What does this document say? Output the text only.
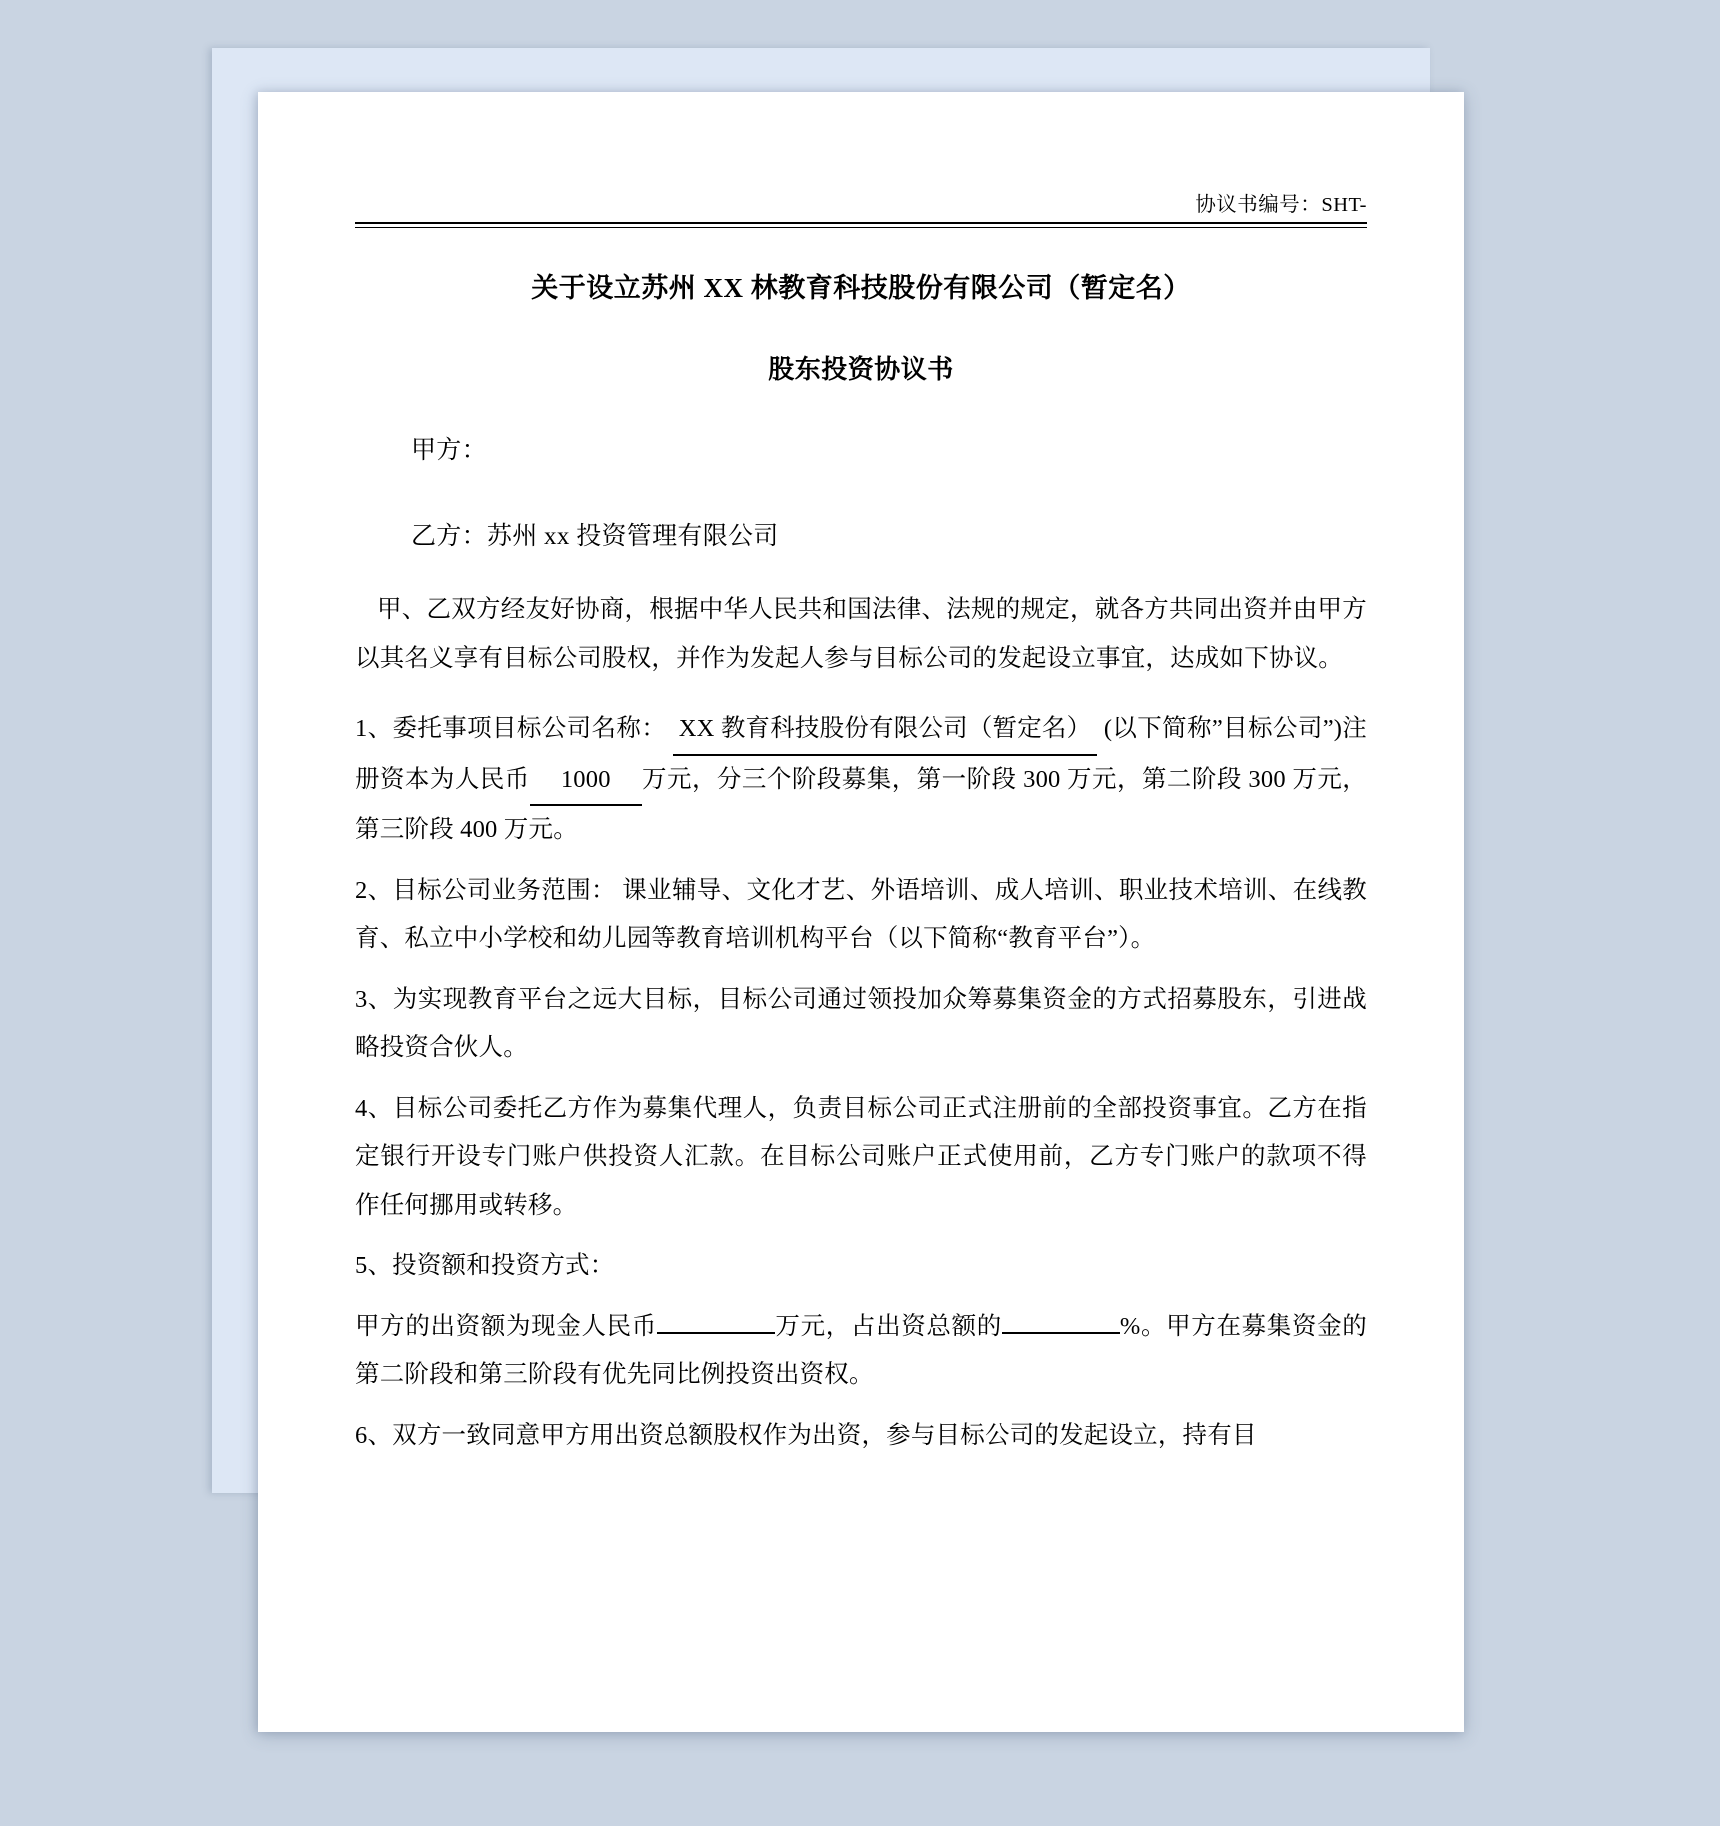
协议书编号：SHT-
关于设立苏州 XX 林教育科技股份有限公司（暂定名）
股东投资协议书
甲方：
乙方：苏州 xx 投资管理有限公司
甲、乙双方经友好协商，根据中华人民共和国法律、法规的规定，就各方共同出资并由甲方以其名义享有目标公司股权，并作为发起人参与目标公司的发起设立事宜，达成如下协议。
1、委托事项目标公司名称： XX 教育科技股份有限公司（暂定名） (以下简称”目标公司”)注册资本为人民币 1000 万元，分三个阶段募集，第一阶段 300 万元，第二阶段 300 万元，第三阶段 400 万元。
2、目标公司业务范围： 课业辅导、文化才艺、外语培训、成人培训、职业技术培训、在线教育、私立中小学校和幼儿园等教育培训机构平台（以下简称“教育平台”）。
3、为实现教育平台之远大目标，目标公司通过领投加众筹募集资金的方式招募股东，引进战略投资合伙人。
4、目标公司委托乙方作为募集代理人，负责目标公司正式注册前的全部投资事宜。乙方在指定银行开设专门账户供投资人汇款。在目标公司账户正式使用前，乙方专门账户的款项不得作任何挪用或转移。
5、投资额和投资方式：
甲方的出资额为现金人民币	万元，占出资总额的	%。甲方在募集资金的第二阶段和第三阶段有优先同比例投资出资权。
6、双方一致同意甲方用出资总额股权作为出资，参与目标公司的发起设立，持有目
